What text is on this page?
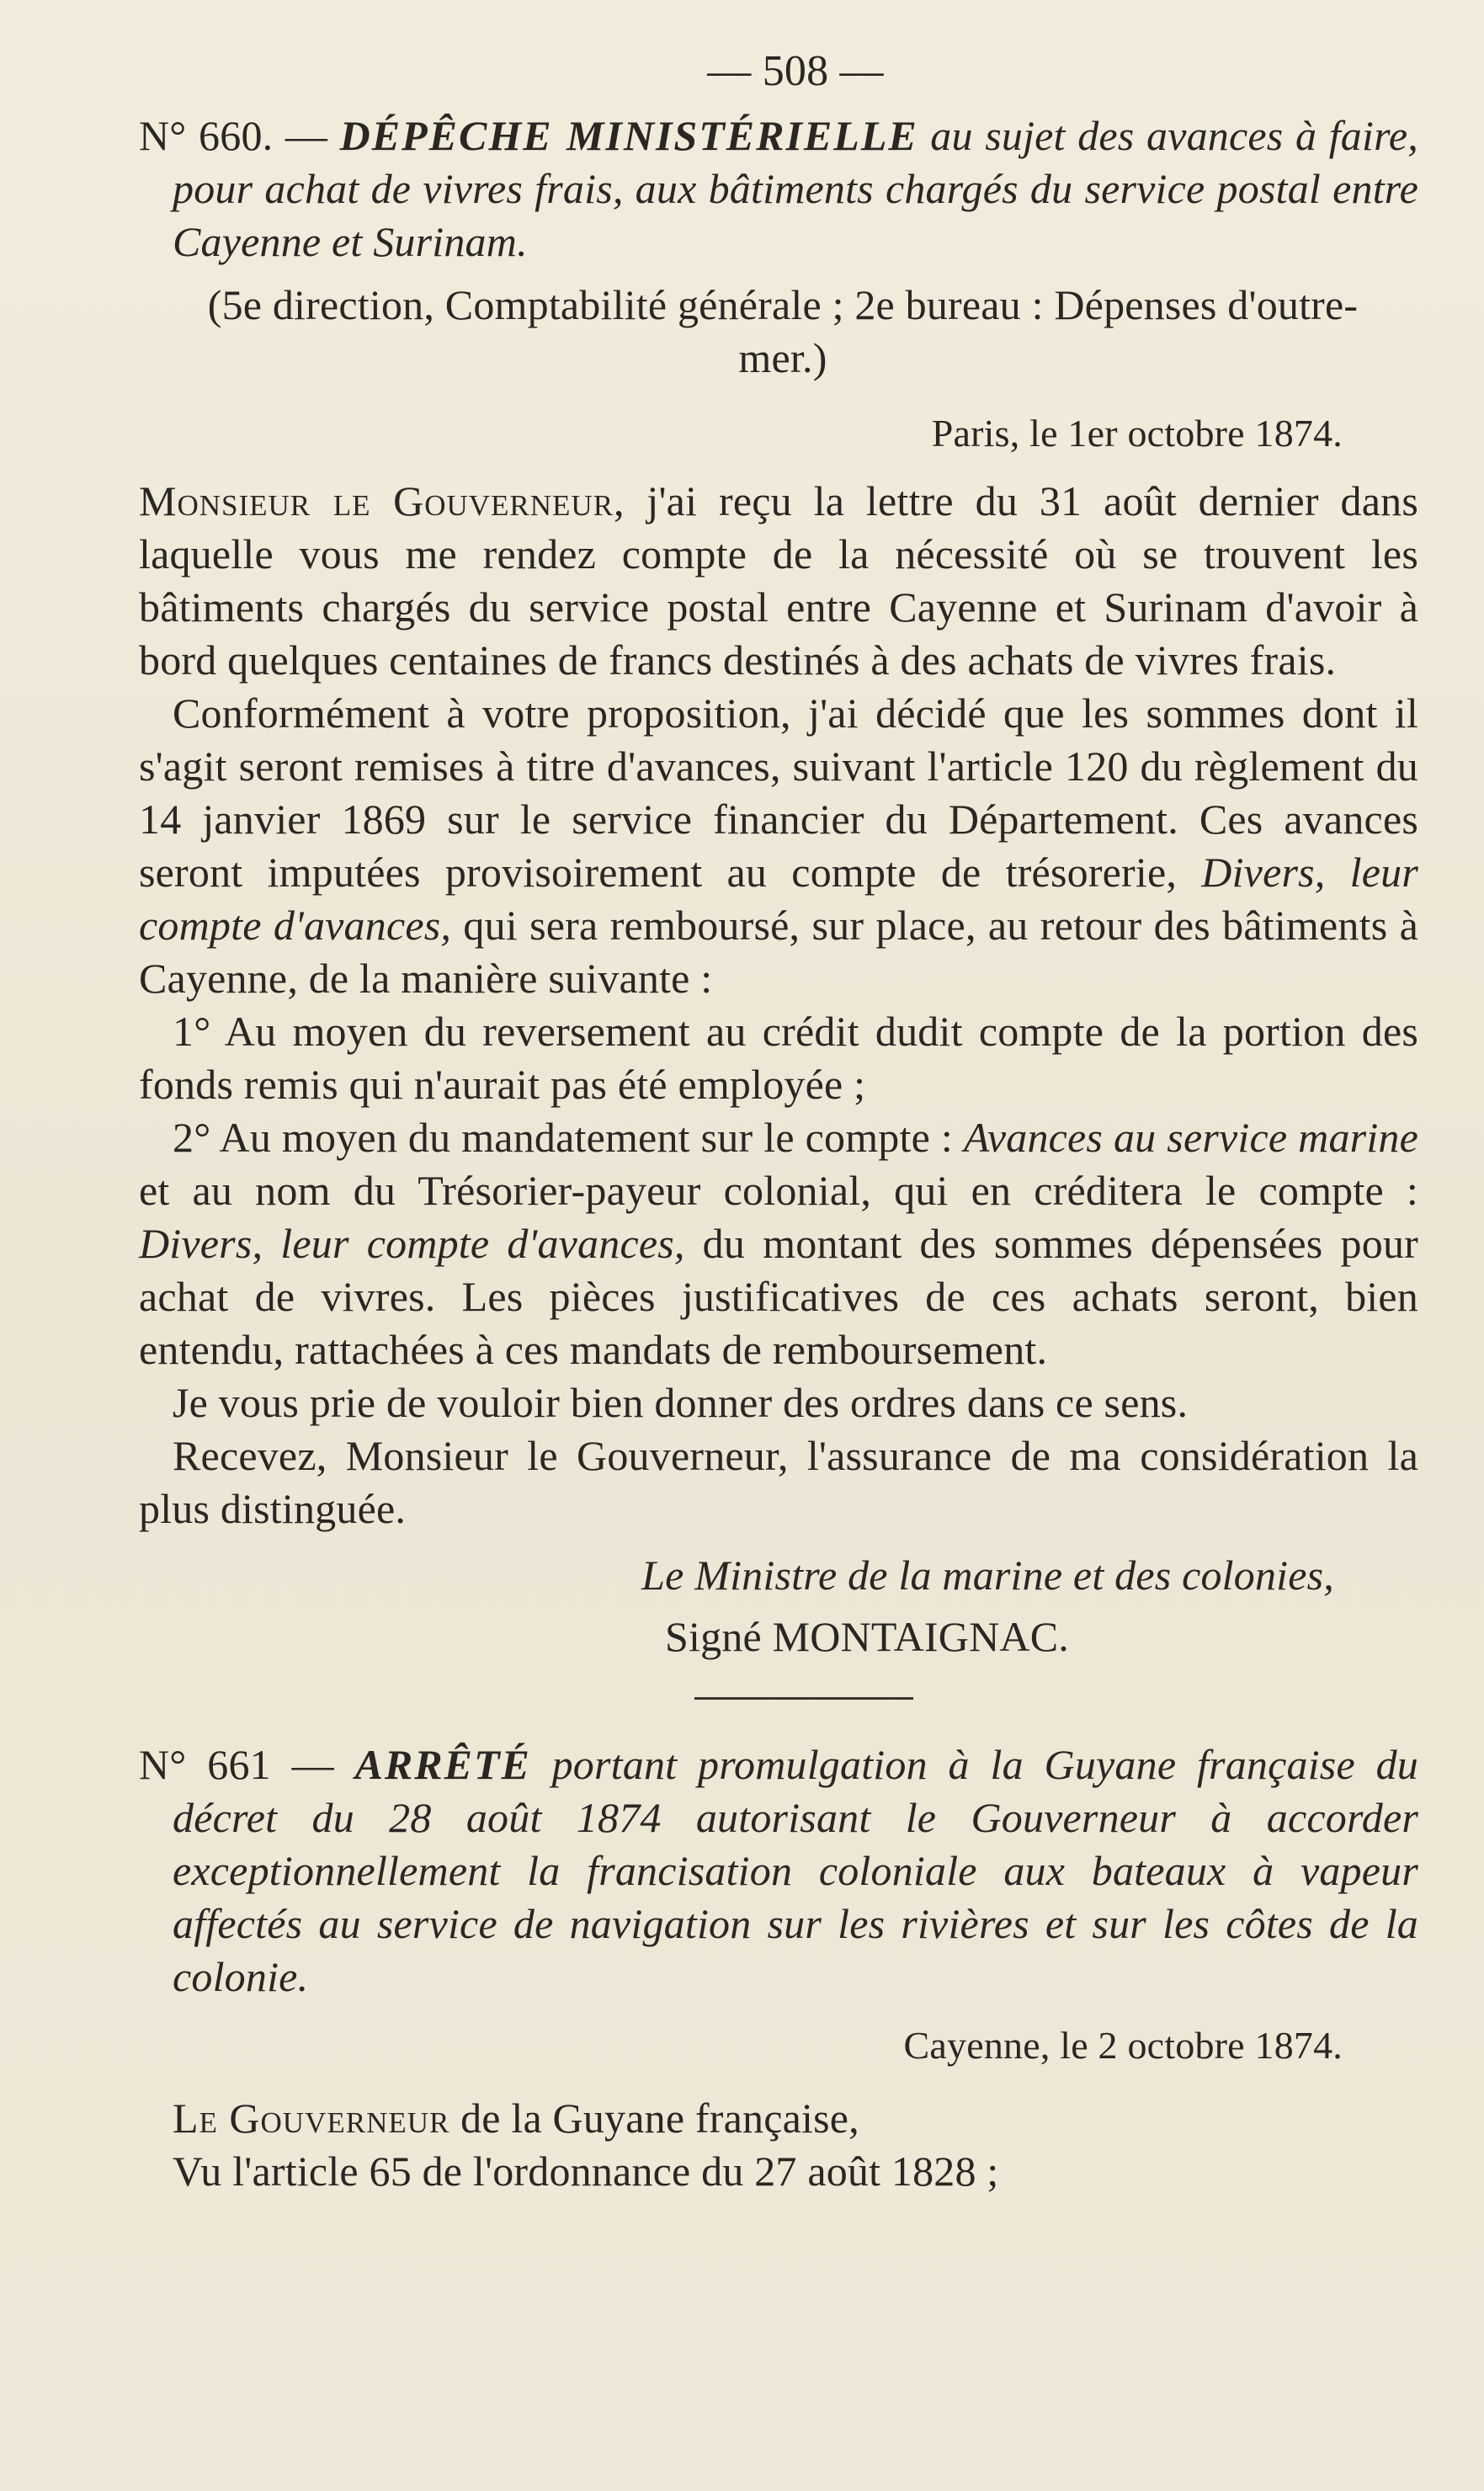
— 508 —

N° 660. — DÉPÊCHE MINISTÉRIELLE au sujet des avances à faire, pour achat de vivres frais, aux bâtiments chargés du service postal entre Cayenne et Surinam.

(5e direction, Comptabilité générale ; 2e bureau : Dépenses d'outre-mer.)

Paris, le 1er octobre 1874.

Monsieur le Gouverneur, j'ai reçu la lettre du 31 août dernier dans laquelle vous me rendez compte de la nécessité où se trouvent les bâtiments chargés du service postal entre Cayenne et Surinam d'avoir à bord quelques centaines de francs destinés à des achats de vivres frais.

Conformément à votre proposition, j'ai décidé que les sommes dont il s'agit seront remises à titre d'avances, suivant l'article 120 du règlement du 14 janvier 1869 sur le service financier du Département. Ces avances seront imputées provisoirement au compte de trésorerie, Divers, leur compte d'avances, qui sera remboursé, sur place, au retour des bâtiments à Cayenne, de la manière suivante :

1° Au moyen du reversement au crédit dudit compte de la portion des fonds remis qui n'aurait pas été employée ;

2° Au moyen du mandatement sur le compte : Avances au service marine et au nom du Trésorier-payeur colonial, qui en créditera le compte : Divers, leur compte d'avances, du montant des sommes dépensées pour achat de vivres. Les pièces justificatives de ces achats seront, bien entendu, rattachées à ces mandats de remboursement.

Je vous prie de vouloir bien donner des ordres dans ce sens.

Recevez, Monsieur le Gouverneur, l'assurance de ma considération la plus distinguée.

Le Ministre de la marine et des colonies,

Signé MONTAIGNAC.

N° 661 — ARRÊTÉ portant promulgation à la Guyane française du décret du 28 août 1874 autorisant le Gouverneur à accorder exceptionnellement la francisation coloniale aux bateaux à vapeur affectés au service de navigation sur les rivières et sur les côtes de la colonie.

Cayenne, le 2 octobre 1874.

Le Gouverneur de la Guyane française,

Vu l'article 65 de l'ordonnance du 27 août 1828 ;
